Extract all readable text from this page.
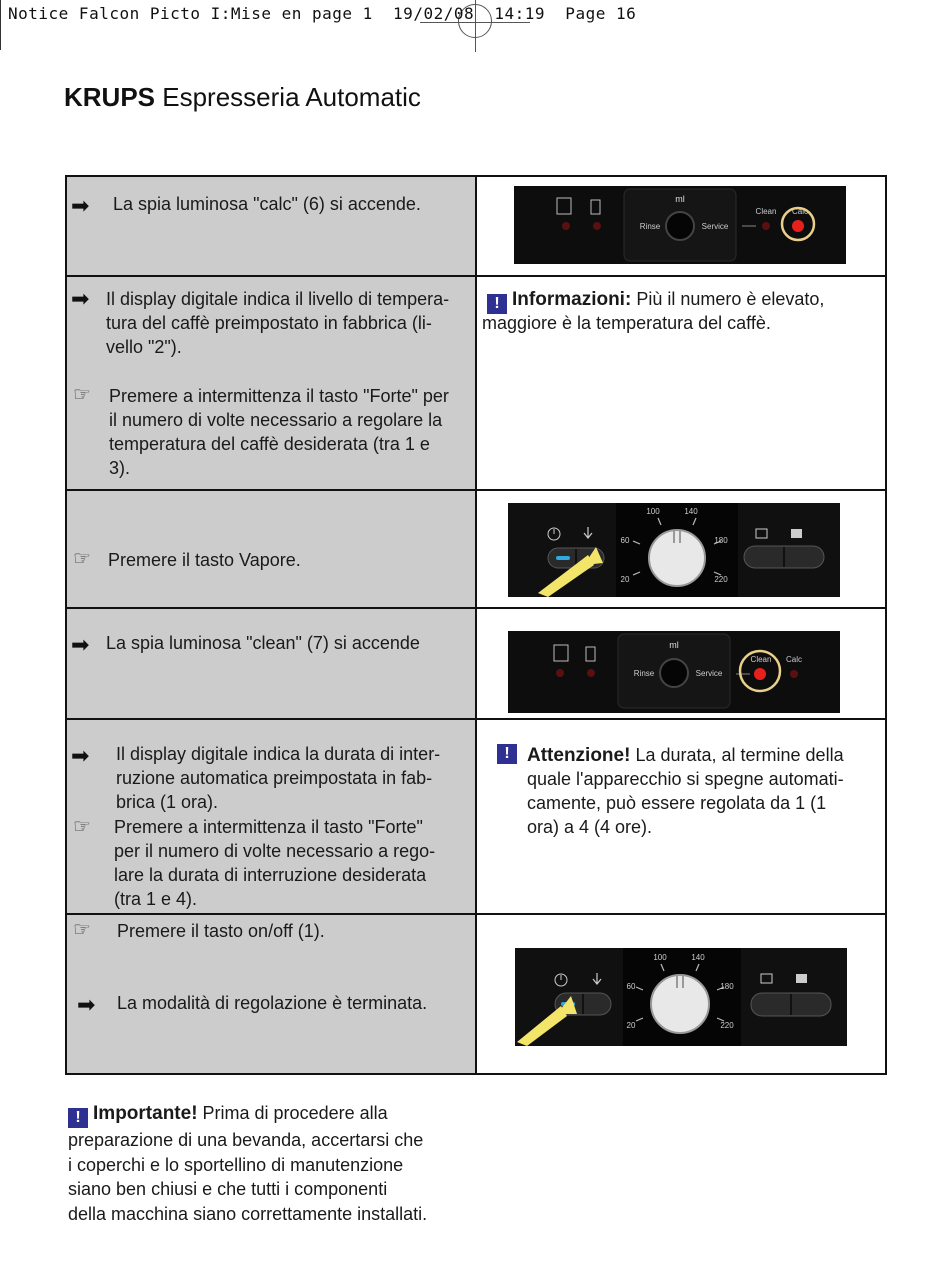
Notice Falcon Picto I:Mise en page 1  19/02/08  14:19  Page 16
KRUPS Espresseria Automatic
➡ La spia luminosa "calc" (6) si accende.	ml
Rinse	Service
Clean Calc
➡ Il display digitale indica il livello di tempera-
tura del caffè preimpostato in fabbrica (li-
vello "2").
☞ Premere a intermittenza il tasto "Forte" per
il numero di volte necessario a regolare la
temperatura del caffè desiderata (tra 1 e
3).
! Informazioni: Più il numero è elevato,
maggiore è la temperatura del caffè.
☞ Premere il tasto Vapore.
100	140
60	180
20	220
➡ La spia luminosa "clean" (7) si accende	ml
Rinse	Service
Clean Calc
➡ Il display digitale indica la durata di inter-
ruzione automatica preimpostata in fab-
brica (1 ora).
☞ Premere a intermittenza il tasto "Forte"
per il numero di volte necessario a rego-
lare la durata di interruzione desiderata
(tra 1 e 4).
! Attenzione! La durata, al termine della
quale l'apparecchio si spegne automati-
camente, può essere regolata da 1 (1
ora) a 4 (4 ore).
☞ Premere il tasto on/off (1).
➡ La modalità di regolazione è terminata.
100	140
60	180
20	220
! Importante! Prima di procedere alla
preparazione di una bevanda, accertarsi che
i coperchi e lo sportellino di manutenzione
siano ben chiusi e che tutti i componenti
della macchina siano correttamente installati.
